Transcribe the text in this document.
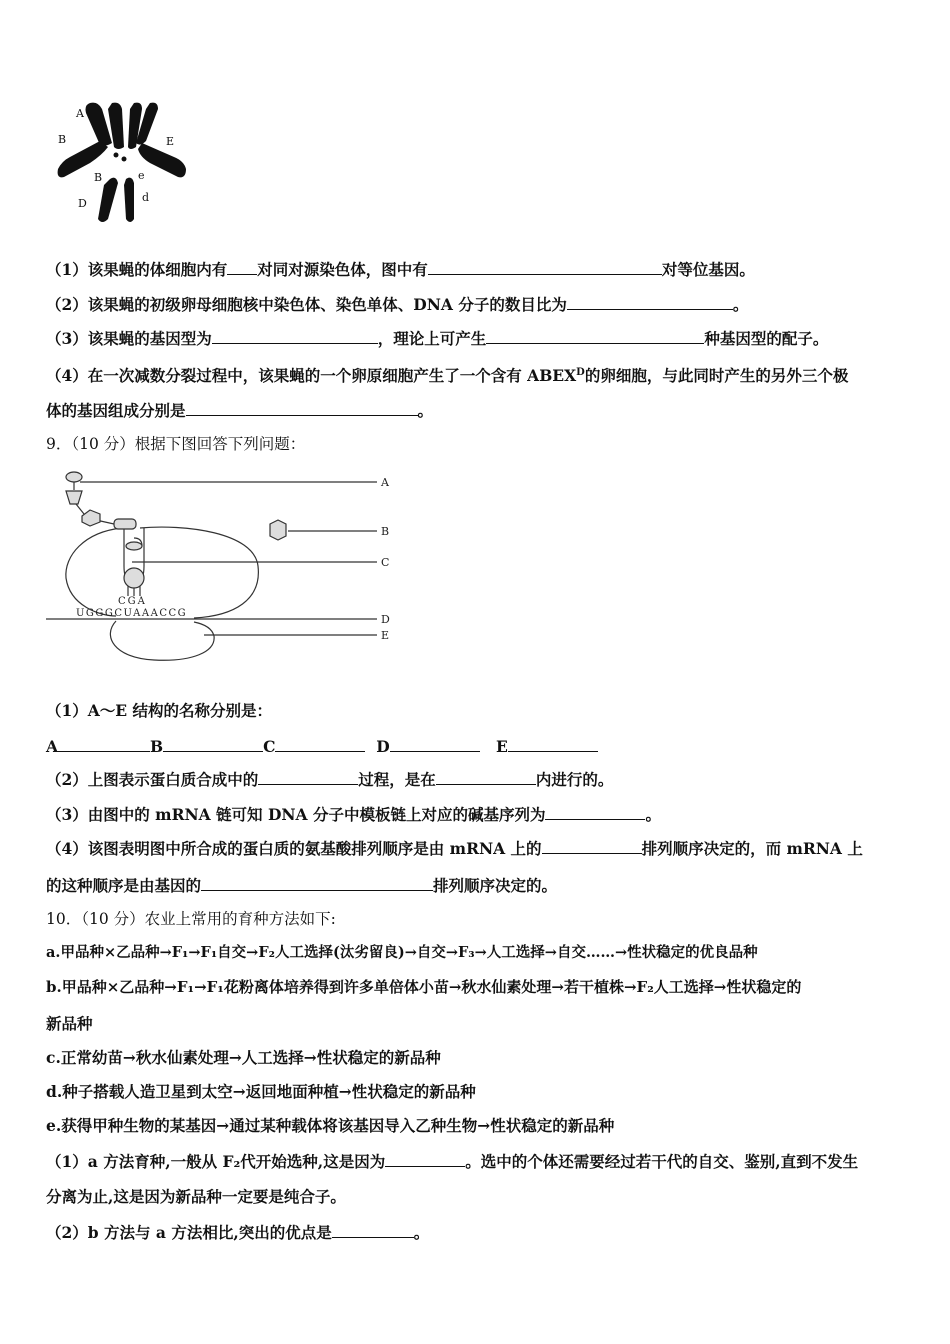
A
a
B	E
B	e
D	d
（1）该果蝇的体细胞内有 对同对源染色体，图中有	对等位基因。
（2）该果蝇的初级卵母细胞核中染色体、染色单体、DNA 分子的数目比为	。
（3）该果蝇的基因型为	，理论上可产生	种基因型的配子。
（4）在一次减数分裂过程中，该果蝇的一个卵原细胞产生了一个含有 $ABEX^D$的卵细胞，与此同时产生的另外三个极
体的基因组成分别是	。
9．（10 分）根据下图回答下列问题：
A
B
C
D
E
CGA
UGGGCUAAACCG
（1）A～E 结构的名称分别是：
A	B	C	D	E
（2）上图表示蛋白质合成中的	过程，是在	内进行的。
（3）由图中的 mRNA 链可知 DNA 分子中模板链上对应的碱基序列为	。
（4）该图表明图中所合成的蛋白质的氨基酸排列顺序是由 mRNA 上的	排列顺序决定的，而 mRNA 上
的这种顺序是由基因的	排列顺序决定的。
10．（10 分）农业上常用的育种方法如下:
a.甲品种×乙品种→F₁→F₁自交→F₂人工选择(汰劣留良)→自交→F₃→人工选择→自交……→性状稳定的优良品种
b.甲品种×乙品种→F₁→F₁花粉离体培养得到许多单倍体小苗→秋水仙素处理→若干植株→F₂人工选择→性状稳定的
新品种
c.正常幼苗→秋水仙素处理→人工选择→性状稳定的新品种
d.种子搭载人造卫星到太空→返回地面种植→性状稳定的新品种
e.获得甲种生物的某基因→通过某种载体将该基因导入乙种生物→性状稳定的新品种
（1）a 方法育种,一般从 F₂代开始选种,这是因为	。选中的个体还需要经过若干代的自交、鉴别,直到不发生
分离为止,这是因为新品种一定要是纯合子。
（2）b 方法与 a 方法相比,突出的优点是	。
